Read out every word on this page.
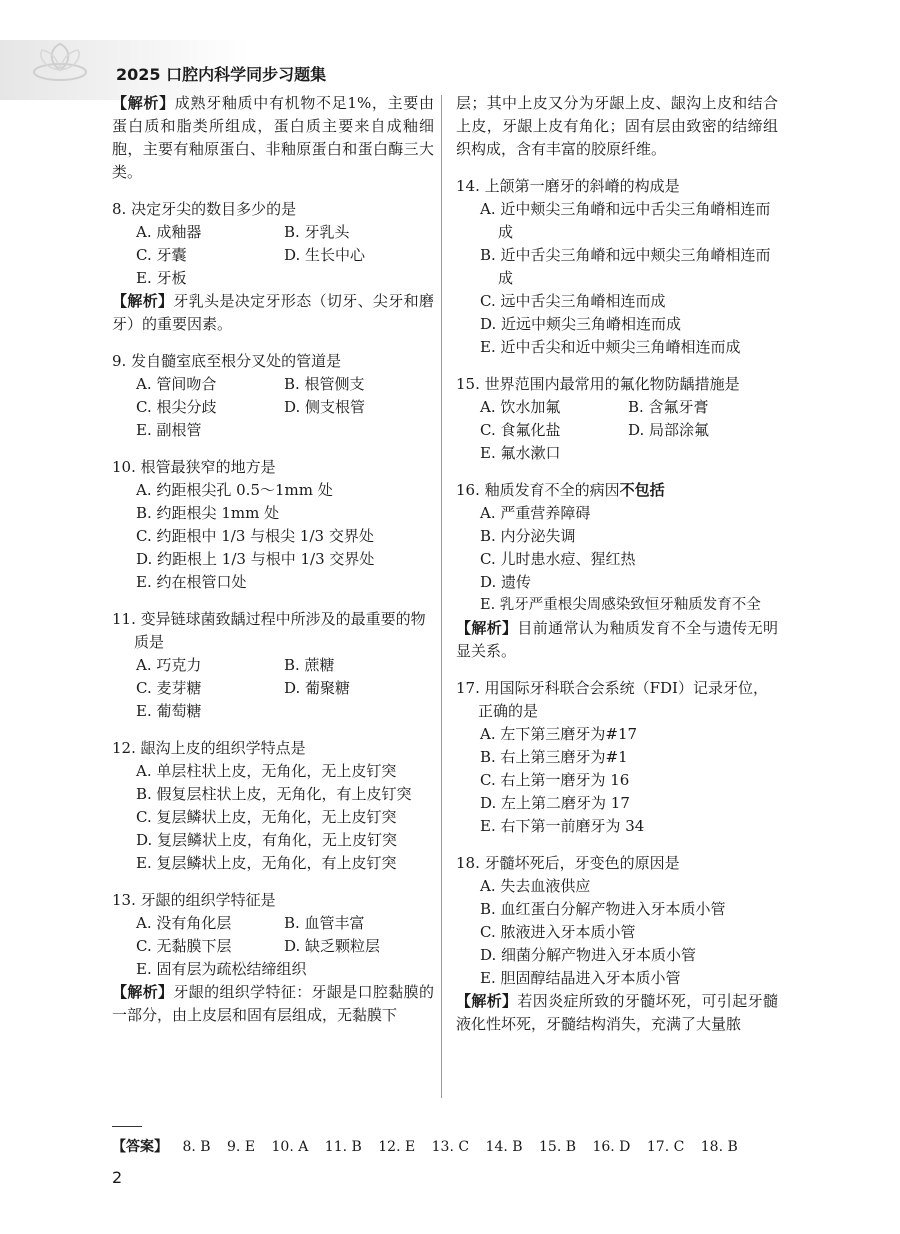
2025 口腔内科学同步习题集
【解析】成熟牙釉质中有机物不足1%，主要由蛋白质和脂类所组成，蛋白质主要来自成釉细胞，主要有釉原蛋白、非釉原蛋白和蛋白酶三大类。
8. 决定牙尖的数目多少的是
A. 成釉器	B. 牙乳头
C. 牙囊	D. 生长中心
E. 牙板
【解析】牙乳头是决定牙形态（切牙、尖牙和磨牙）的重要因素。
9. 发自髓室底至根分叉处的管道是
A. 管间吻合	B. 根管侧支
C. 根尖分歧	D. 侧支根管
E. 副根管
10. 根管最狭窄的地方是
A. 约距根尖孔 0.5～1mm 处
B. 约距根尖 1mm 处
C. 约距根中 1/3 与根尖 1/3 交界处
D. 约距根上 1/3 与根中 1/3 交界处
E. 约在根管口处
11. 变异链球菌致龋过程中所涉及的最重要的物质是
A. 巧克力	B. 蔗糖
C. 麦芽糖	D. 葡聚糖
E. 葡萄糖
12. 龈沟上皮的组织学特点是
A. 单层柱状上皮，无角化，无上皮钉突
B. 假复层柱状上皮，无角化，有上皮钉突
C. 复层鳞状上皮，无角化，无上皮钉突
D. 复层鳞状上皮，有角化，无上皮钉突
E. 复层鳞状上皮，无角化，有上皮钉突
13. 牙龈的组织学特征是
A. 没有角化层	B. 血管丰富
C. 无黏膜下层	D. 缺乏颗粒层
E. 固有层为疏松结缔组织
【解析】牙龈的组织学特征：牙龈是口腔黏膜的一部分，由上皮层和固有层组成，无黏膜下
层；其中上皮又分为牙龈上皮、龈沟上皮和结合上皮，牙龈上皮有角化；固有层由致密的结缔组织构成，含有丰富的胶原纤维。
14. 上颌第一磨牙的斜嵴的构成是
A. 近中颊尖三角嵴和远中舌尖三角嵴相连而成
B. 近中舌尖三角嵴和远中颊尖三角嵴相连而成
C. 远中舌尖三角嵴相连而成
D. 近远中颊尖三角嵴相连而成
E. 近中舌尖和近中颊尖三角嵴相连而成
15. 世界范围内最常用的氟化物防龋措施是
A. 饮水加氟	B. 含氟牙膏
C. 食氟化盐	D. 局部涂氟
E. 氟水漱口
16. 釉质发育不全的病因不包括
A. 严重营养障碍
B. 内分泌失调
C. 儿时患水痘、猩红热
D. 遗传
E. 乳牙严重根尖周感染致恒牙釉质发育不全
【解析】目前通常认为釉质发育不全与遗传无明显关系。
17. 用国际牙科联合会系统（FDI）记录牙位，正确的是
A. 左下第三磨牙为#17
B. 右上第三磨牙为#1
C. 右上第一磨牙为 16
D. 左上第二磨牙为 17
E. 右下第一前磨牙为 34
18. 牙髓坏死后，牙变色的原因是
A. 失去血液供应
B. 血红蛋白分解产物进入牙本质小管
C. 脓液进入牙本质小管
D. 细菌分解产物进入牙本质小管
E. 胆固醇结晶进入牙本质小管
【解析】若因炎症所致的牙髓坏死，可引起牙髓液化性坏死，牙髓结构消失，充满了大量脓
【答案】 8. B 9. E 10. A 11. B 12. E 13. C 14. B 15. B 16. D 17. C 18. B
2
